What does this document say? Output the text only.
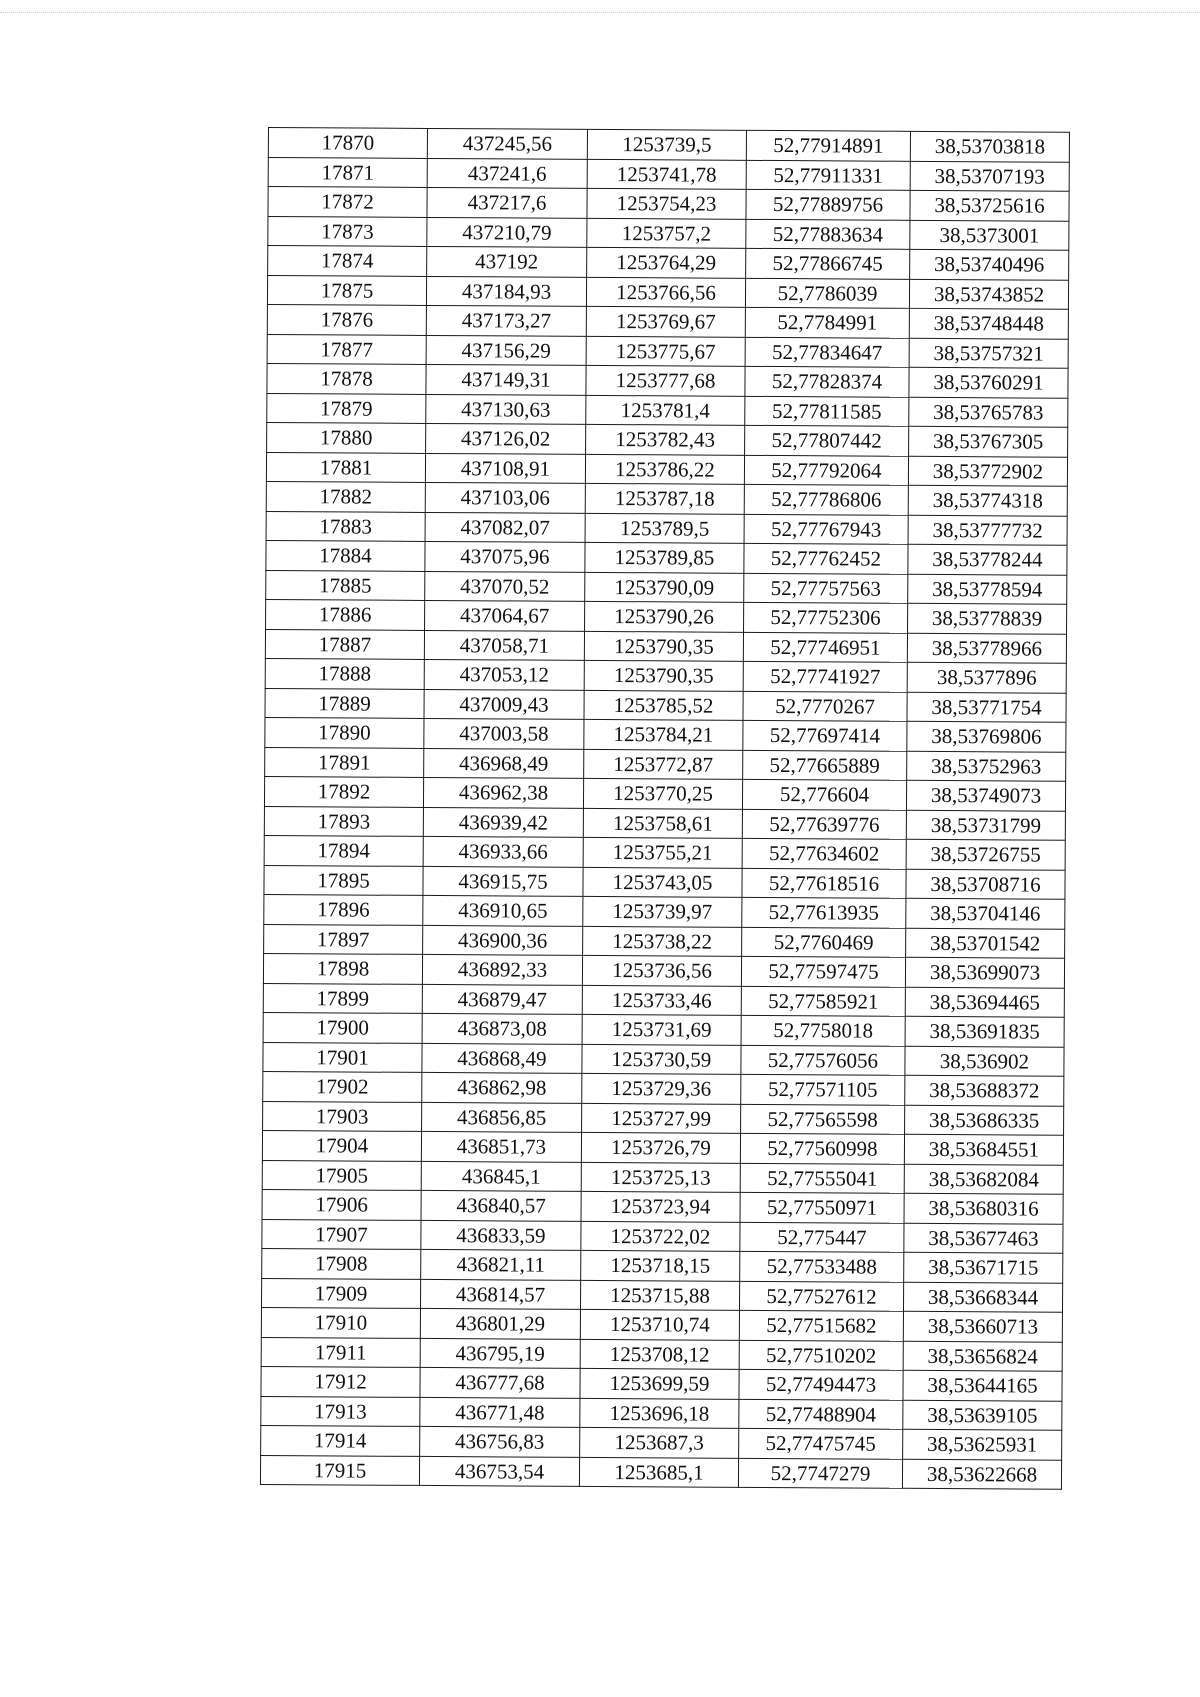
17870	437245,56	1253739,5	52,77914891	38,53703818
17871	437241,6	1253741,78	52,77911331	38,53707193
17872	437217,6	1253754,23	52,77889756	38,53725616
17873	437210,79	1253757,2	52,77883634	38,5373001
17874	437192	1253764,29	52,77866745	38,53740496
17875	437184,93	1253766,56	52,7786039	38,53743852
17876	437173,27	1253769,67	52,7784991	38,53748448
17877	437156,29	1253775,67	52,77834647	38,53757321
17878	437149,31	1253777,68	52,77828374	38,53760291
17879	437130,63	1253781,4	52,77811585	38,53765783
17880	437126,02	1253782,43	52,77807442	38,53767305
17881	437108,91	1253786,22	52,77792064	38,53772902
17882	437103,06	1253787,18	52,77786806	38,53774318
17883	437082,07	1253789,5	52,77767943	38,53777732
17884	437075,96	1253789,85	52,77762452	38,53778244
17885	437070,52	1253790,09	52,77757563	38,53778594
17886	437064,67	1253790,26	52,77752306	38,53778839
17887	437058,71	1253790,35	52,77746951	38,53778966
17888	437053,12	1253790,35	52,77741927	38,5377896
17889	437009,43	1253785,52	52,7770267	38,53771754
17890	437003,58	1253784,21	52,77697414	38,53769806
17891	436968,49	1253772,87	52,77665889	38,53752963
17892	436962,38	1253770,25	52,776604	38,53749073
17893	436939,42	1253758,61	52,77639776	38,53731799
17894	436933,66	1253755,21	52,77634602	38,53726755
17895	436915,75	1253743,05	52,77618516	38,53708716
17896	436910,65	1253739,97	52,77613935	38,53704146
17897	436900,36	1253738,22	52,7760469	38,53701542
17898	436892,33	1253736,56	52,77597475	38,53699073
17899	436879,47	1253733,46	52,77585921	38,53694465
17900	436873,08	1253731,69	52,7758018	38,53691835
17901	436868,49	1253730,59	52,77576056	38,536902
17902	436862,98	1253729,36	52,77571105	38,53688372
17903	436856,85	1253727,99	52,77565598	38,53686335
17904	436851,73	1253726,79	52,77560998	38,53684551
17905	436845,1	1253725,13	52,77555041	38,53682084
17906	436840,57	1253723,94	52,77550971	38,53680316
17907	436833,59	1253722,02	52,775447	38,53677463
17908	436821,11	1253718,15	52,77533488	38,53671715
17909	436814,57	1253715,88	52,77527612	38,53668344
17910	436801,29	1253710,74	52,77515682	38,53660713
17911	436795,19	1253708,12	52,77510202	38,53656824
17912	436777,68	1253699,59	52,77494473	38,53644165
17913	436771,48	1253696,18	52,77488904	38,53639105
17914	436756,83	1253687,3	52,77475745	38,53625931
17915	436753,54	1253685,1	52,7747279	38,53622668
